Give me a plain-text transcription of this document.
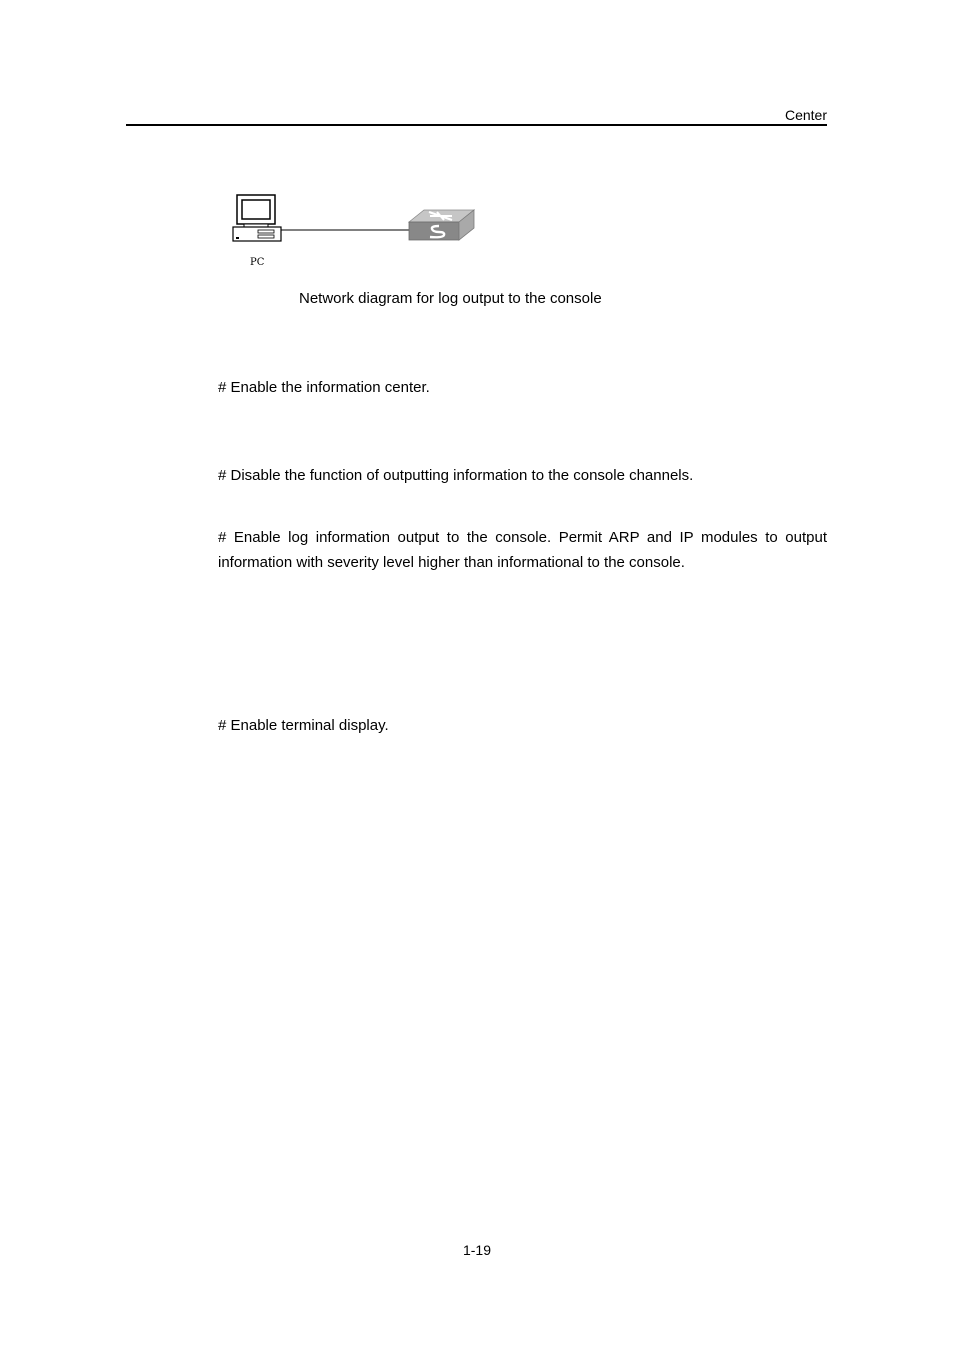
Center
PC
Network diagram for log output to the console
# Enable the information center.
# Disable the function of outputting information to the console channels.
# Enable log information output to the console. Permit ARP and IP modules to output information with severity level higher than informational to the console.
# Enable terminal display.
1-19
